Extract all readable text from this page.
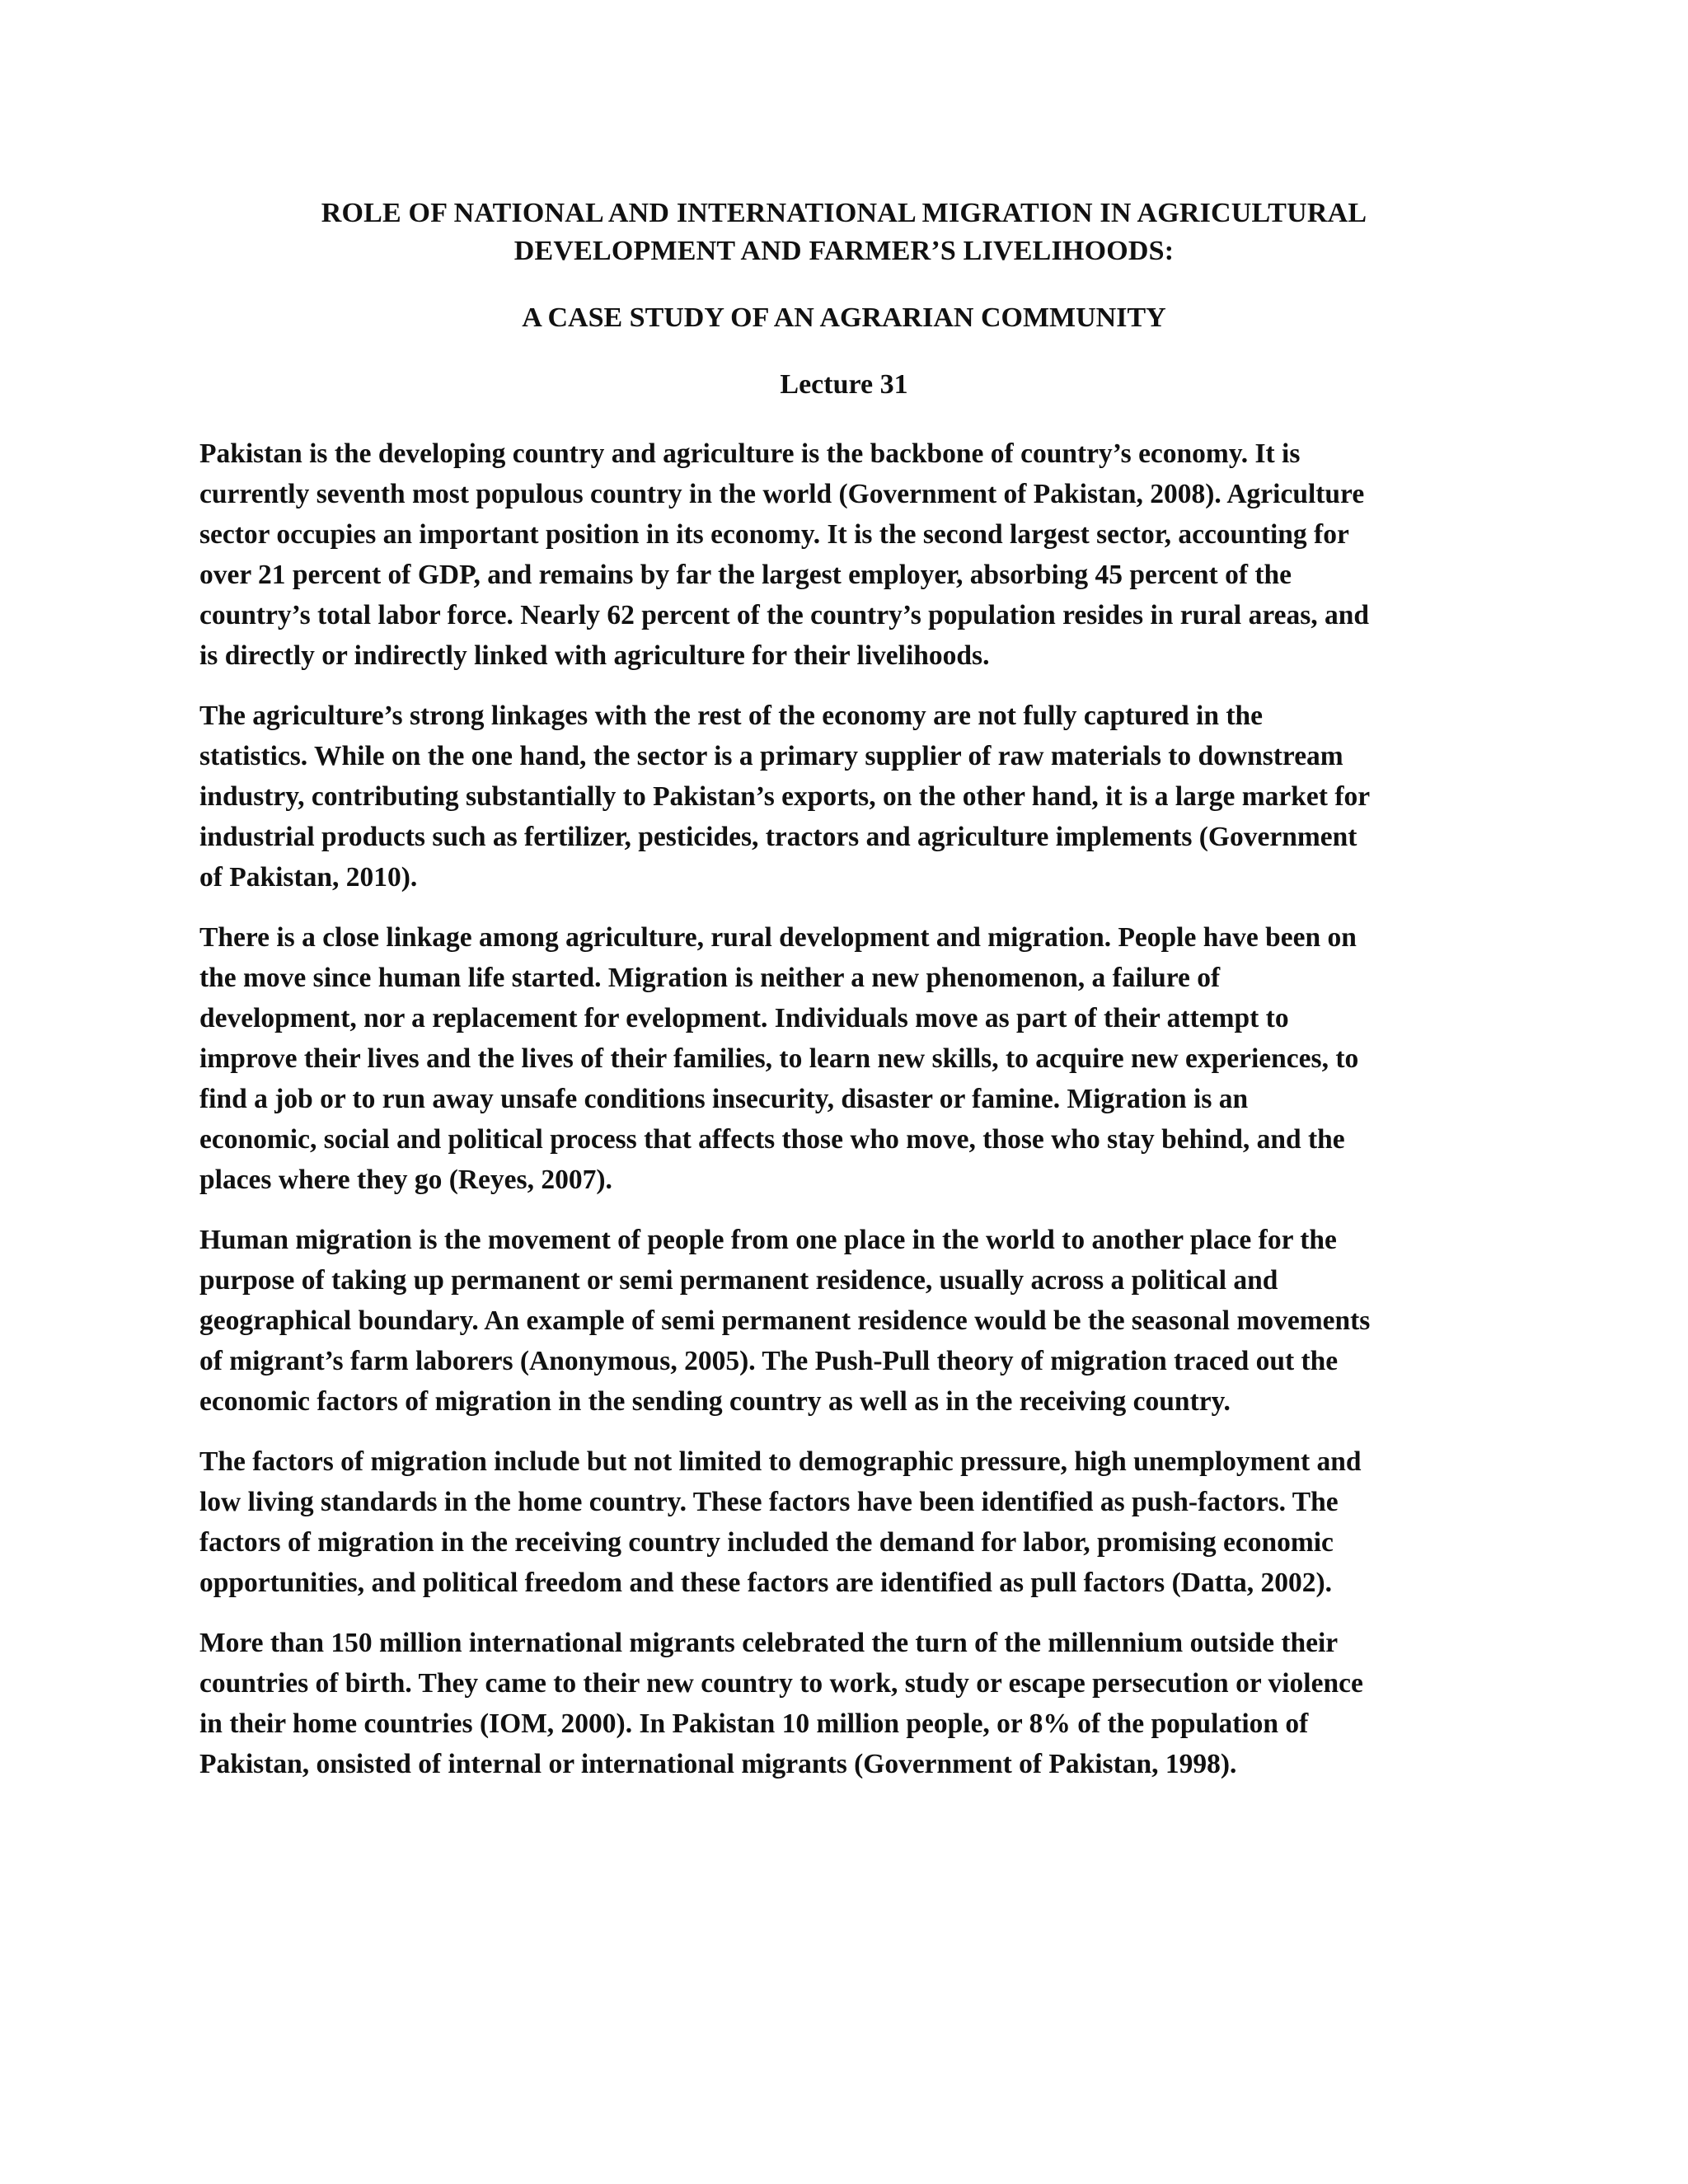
ROLE OF NATIONAL AND INTERNATIONAL MIGRATION IN AGRICULTURAL
DEVELOPMENT AND FARMER’S LIVELIHOODS:
A CASE STUDY OF AN AGRARIAN COMMUNITY
Lecture 31
Pakistan is the developing country and agriculture is the backbone of country’s economy. It is
currently seventh most populous country in the world (Government of Pakistan, 2008). Agriculture
sector occupies an important position in its economy. It is the second largest sector, accounting for
over 21 percent of GDP, and remains by far the largest employer, absorbing 45 percent of the
country’s total labor force. Nearly 62 percent of the country’s population resides in rural areas, and
is directly or indirectly linked with agriculture for their livelihoods.
The agriculture’s strong linkages with the rest of the economy are not fully captured in the
statistics. While on the one hand, the sector is a primary supplier of raw materials to downstream
industry, contributing substantially to Pakistan’s exports, on the other hand, it is a large market for
industrial products such as fertilizer, pesticides, tractors and agriculture implements (Government
of Pakistan, 2010).
There is a close linkage among agriculture, rural development and migration. People have been on
the move since human life started. Migration is neither a new phenomenon, a failure of
development, nor a replacement for evelopment. Individuals move as part of their attempt to
improve their lives and the lives of their families, to learn new skills, to acquire new experiences, to
find a job or to run away unsafe conditions insecurity, disaster or famine. Migration is an
economic, social and political process that affects those who move, those who stay behind, and the
places where they go (Reyes, 2007).
Human migration is the movement of people from one place in the world to another place for the
purpose of taking up permanent or semi permanent residence, usually across a political and
geographical boundary. An example of semi permanent residence would be the seasonal movements
of migrant’s farm laborers (Anonymous, 2005). The Push-Pull theory of migration traced out the
economic factors of migration in the sending country as well as in the receiving country.
The factors of migration include but not limited to demographic pressure, high unemployment and
low living standards in the home country. These factors have been identified as push-factors. The
factors of migration in the receiving country included the demand for labor, promising economic
opportunities, and political freedom and these factors are identified as pull factors (Datta, 2002).
More than 150 million international migrants celebrated the turn of the millennium outside their
countries of birth. They came to their new country to work, study or escape persecution or violence
in their home countries (IOM, 2000). In Pakistan 10 million people, or 8% of the population of
Pakistan, onsisted of internal or international migrants (Government of Pakistan, 1998).
